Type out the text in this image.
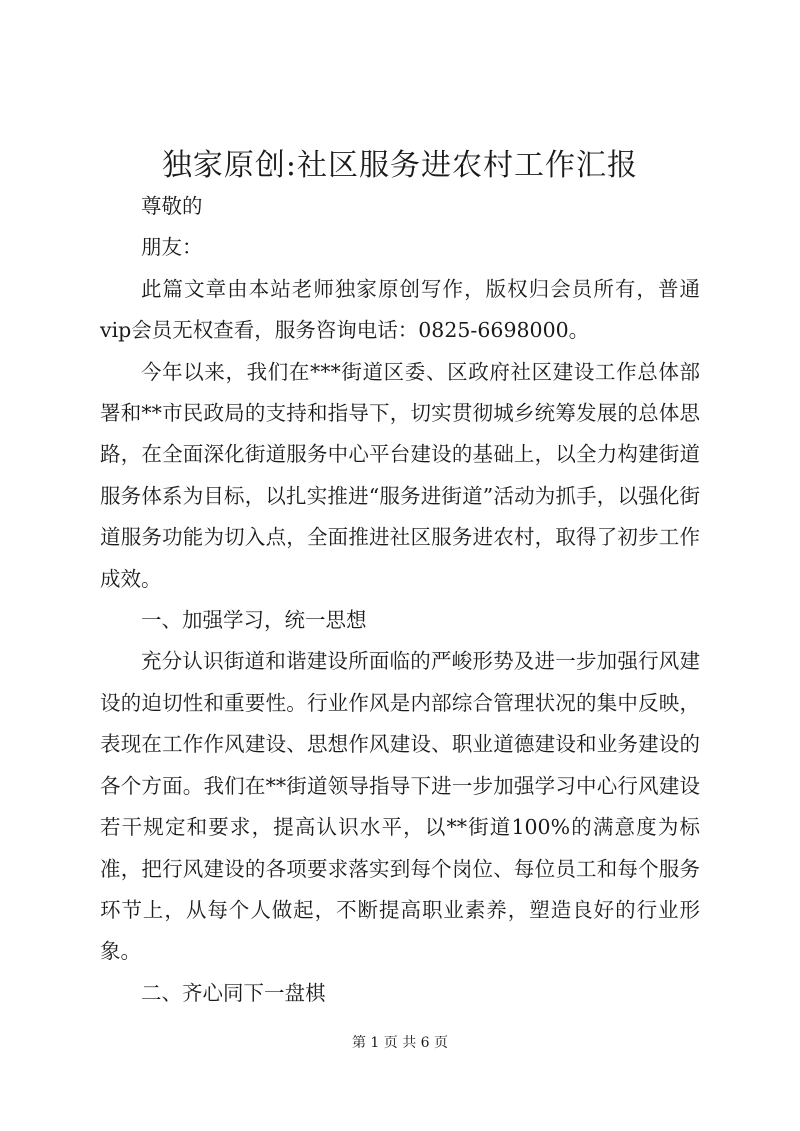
独家原创:社区服务进农村工作汇报

尊敬的

朋友：

此篇文章由本站老师独家原创写作，版权归会员所有，普通vip会员无权查看，服务咨询电话：0825-6698000。

今年以来，我们在***街道区委、区政府社区建设工作总体部署和**市民政局的支持和指导下，切实贯彻城乡统筹发展的总体思路，在全面深化街道服务中心平台建设的基础上，以全力构建街道服务体系为目标，以扎实推进“服务进街道”活动为抓手，以强化街道服务功能为切入点，全面推进社区服务进农村，取得了初步工作成效。

一、加强学习，统一思想

充分认识街道和谐建设所面临的严峻形势及进一步加强行风建设的迫切性和重要性。行业作风是内部综合管理状况的集中反映，表现在工作作风建设、思想作风建设、职业道德建设和业务建设的各个方面。我们在**街道领导指导下进一步加强学习中心行风建设若干规定和要求，提高认识水平，以**街道100%的满意度为标准，把行风建设的各项要求落实到每个岗位、每位员工和每个服务环节上，从每个人做起，不断提高职业素养，塑造良好的行业形象。

二、齐心同下一盘棋

第 1 页 共 6 页
